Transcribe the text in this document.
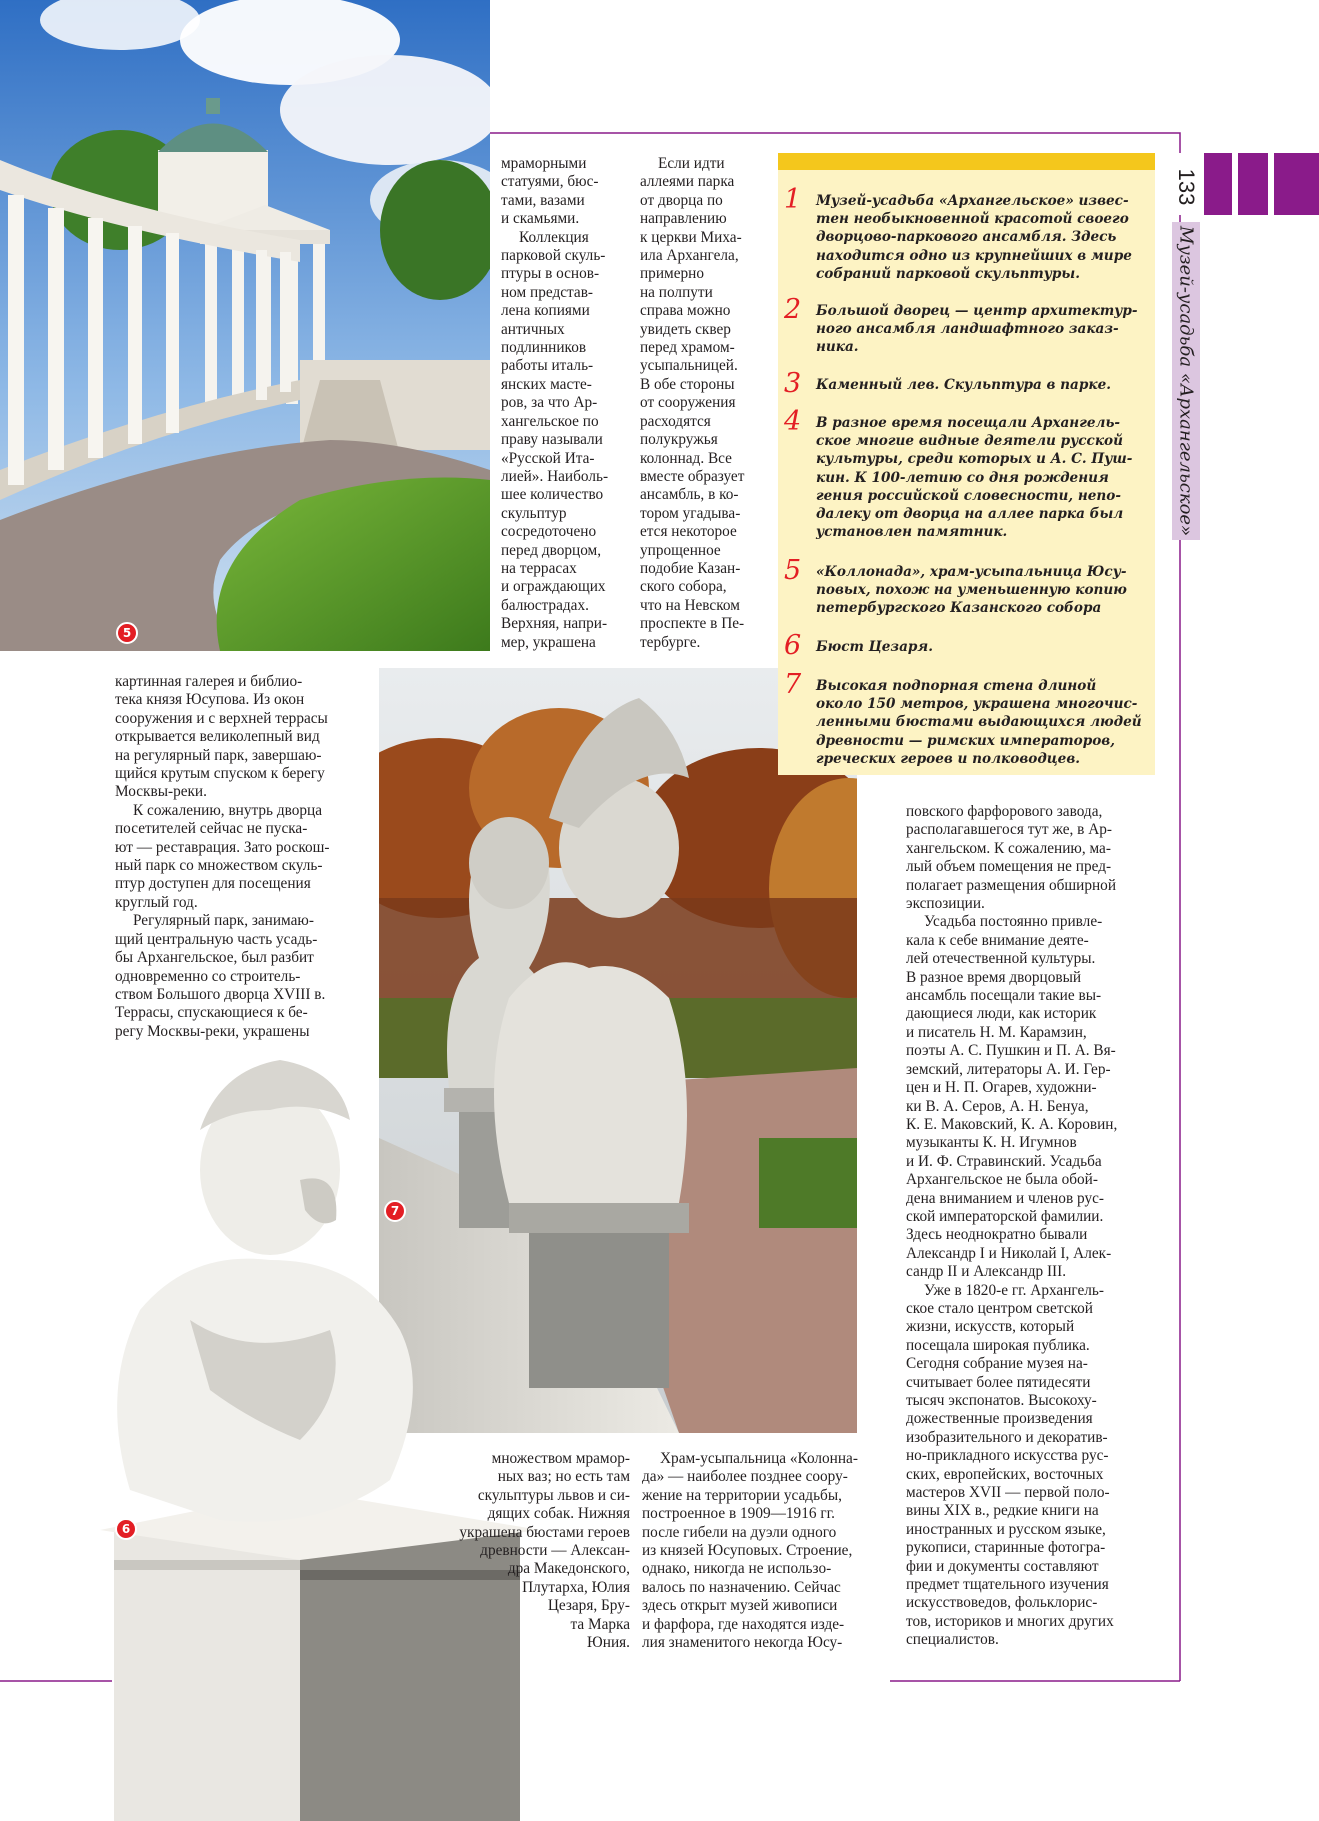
5
7
6
1	Музей-усадьба «Архангельское» извес-
тен необыкновенной красотой своего
дворцово-паркового ансамбля. Здесь
находится одно из крупнейших в мире
собраний парковой скульптуры.
2	Большой дворец — центр архитектур-
ного ансамбля ландшафтного заказ-
ника.
3	Каменный лев. Скульптура в парке.
4	В разное время посещали Архангель-
ское многие видные деятели русской
культуры, среди которых и А. С. Пуш-
кин. К 100-летию со дня рождения
гения российской словесности, непо-
далеку от дворца на аллее парка был
установлен памятник.
5	«Коллонада», храм-усыпальница Юсу-
повых, похож на уменьшенную копию
петербургского Казанского собора
6	Бюст Цезаря.
7	Высокая подпорная стена длиной
около 150 метров, украшена многочис-
ленными бюстами выдающихся людей
древности — римских императоров,
греческих героев и полководцев.
133
Музей-усадьба «Архангельское»

мраморными

статуями, бюс-

тами, вазами

и скамьями.

Коллекция

парковой скуль-

птуры в основ-

ном представ-

лена копиями

античных

подлинников

работы италь-

янских масте-

ров, за что Ар-

хангельское по

праву называли

«Русской Ита-

лией». Наиболь-

шее количество

скульптур

сосредоточено

перед дворцом,

на террасах

и ограждающих

балюстрадах.

Верхняя, напри-

мер, украшена

Если идти

аллеями парка

от дворца по

направлению

к церкви Миха-

ила Архангела,

примерно

на полпути

справа можно

увидеть сквер

перед храмом-

усыпальницей.

В обе стороны

от сооружения

расходятся

полукружья

колоннад. Все

вместе образует

ансамбль, в ко-

тором угадыва-

ется некоторое

упрощенное

подобие Казан-

ского собора,

что на Невском

проспекте в Пе-

тербурге.

картинная галерея и библио-

тека князя Юсупова. Из окон

сооружения и с верхней террасы

открывается великолепный вид

на регулярный парк, завершаю-

щийся крутым спуском к берегу

Москвы-реки.

К сожалению, внутрь дворца

посетителей сейчас не пуска-

ют — реставрация. Зато роскош-

ный парк со множеством скуль-

птур доступен для посещения

круглый год.

Регулярный парк, занимаю-

щий центральную часть усадь-

бы Архангельское, был разбит

одновременно со строитель-

ством Большого дворца XVIII в.

Террасы, спускающиеся к бе-

регу Москвы-реки, украшены

повского фарфорового завода,

располагавшегося тут же, в Ар-

хангельском. К сожалению, ма-

лый объем помещения не пред-

полагает размещения обширной

экспозиции.

Усадьба постоянно привле-

кала к себе внимание деяте-

лей отечественной культуры.

В разное время дворцовый

ансамбль посещали такие вы-

дающиеся люди, как историк

и писатель Н. М. Карамзин,

поэты А. С. Пушкин и П. А. Вя-

земский, литераторы А. И. Гер-

цен и Н. П. Огарев, художни-

ки В. А. Серов, А. Н. Бенуа,

К. Е. Маковский, К. А. Коровин,

музыканты К. Н. Игумнов

и И. Ф. Стравинский. Усадьба

Архангельское не была обой-

дена вниманием и членов рус-

ской императорской фамилии.

Здесь неоднократно бывали

Александр I и Николай I, Алек-

сандр II и Александр III.

Уже в 1820-е гг. Архангель-

ское стало центром светской

жизни, искусств, который

посещала широкая публика.

Сегодня собрание музея на-

считывает более пятидесяти

тысяч экспонатов. Высокоху-

дожественные произведения

изобразительного и декоратив-

но-прикладного искусства рус-

ских, европейских, восточных

мастеров XVII — первой поло-

вины XIX в., редкие книги на

иностранных и русском языке,

рукописи, старинные фотогра-

фии и документы составляют

предмет тщательного изучения

искусствоведов, фольклорис-

тов, историков и многих других

специалистов.

множеством мрамор-

ных ваз; но есть там

скульптуры львов и си-

дящих собак. Нижняя

украшена бюстами героев

древности — Алексан-

дра Македонского,

Плутарха, Юлия

Цезаря, Бру-

та Марка

Юния.

Храм-усыпальница «Колонна-

да» — наиболее позднее соору-

жение на территории усадьбы,

построенное в 1909—1916 гг.

после гибели на дуэли одного

из князей Юсуповых. Строение,

однако, никогда не использо-

валось по назначению. Сейчас

здесь открыт музей живописи

и фарфора, где находятся изде-

лия знаменитого некогда Юсу-
